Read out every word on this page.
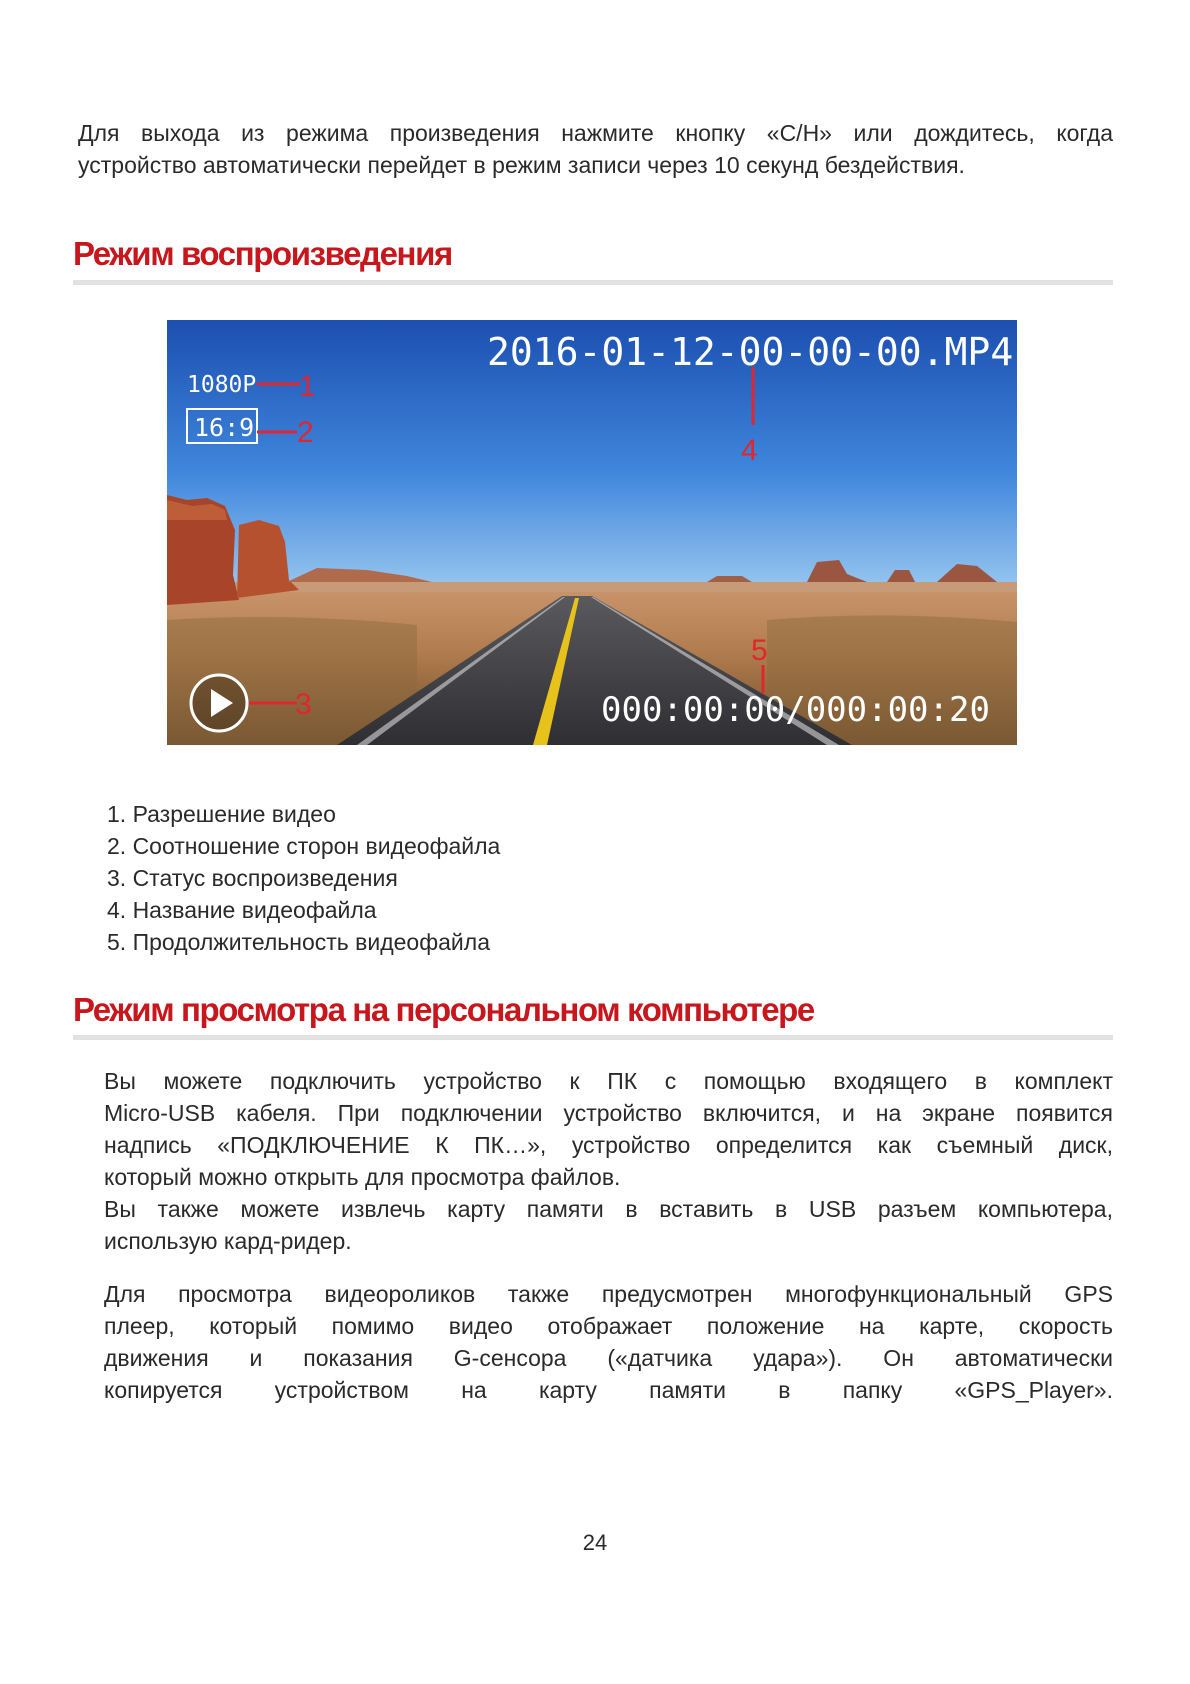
Для выхода из режима произведения нажмите кнопку «C/H» или дождитесь, когда
устройство автоматически перейдет в режим записи через 10 секунд бездействия.
Режим воспроизведения
2016-01-12-00-00-00.MP4
4
1080P 1
16:9 2
3
5
000:00:00/000:00:20
1. Разрешение видео
2. Соотношение сторон видеофайла
3. Статус воспроизведения
4. Название видеофайла
5. Продолжительность видеофайла
Режим просмотра на персональном компьютере
Вы можете подключить устройство к ПК с помощью входящего в комплект
Micro-USB кабеля. При подключении устройство включится, и на экране появится
надпись «ПОДКЛЮЧЕНИЕ К ПК…», устройство определится как съемный диск,
который можно открыть для просмотра файлов.
Вы также можете извлечь карту памяти в вставить в USB разъем компьютера,
использую кард-ридер.
Для просмотра видеороликов также предусмотрен многофункциональный GPS
плеер, который помимо видео отображает положение на карте, скорость
движения и показания G-сенсора («датчика удара»). Он автоматически
копируется устройством на карту памяти в папку «GPS_Player».
24
